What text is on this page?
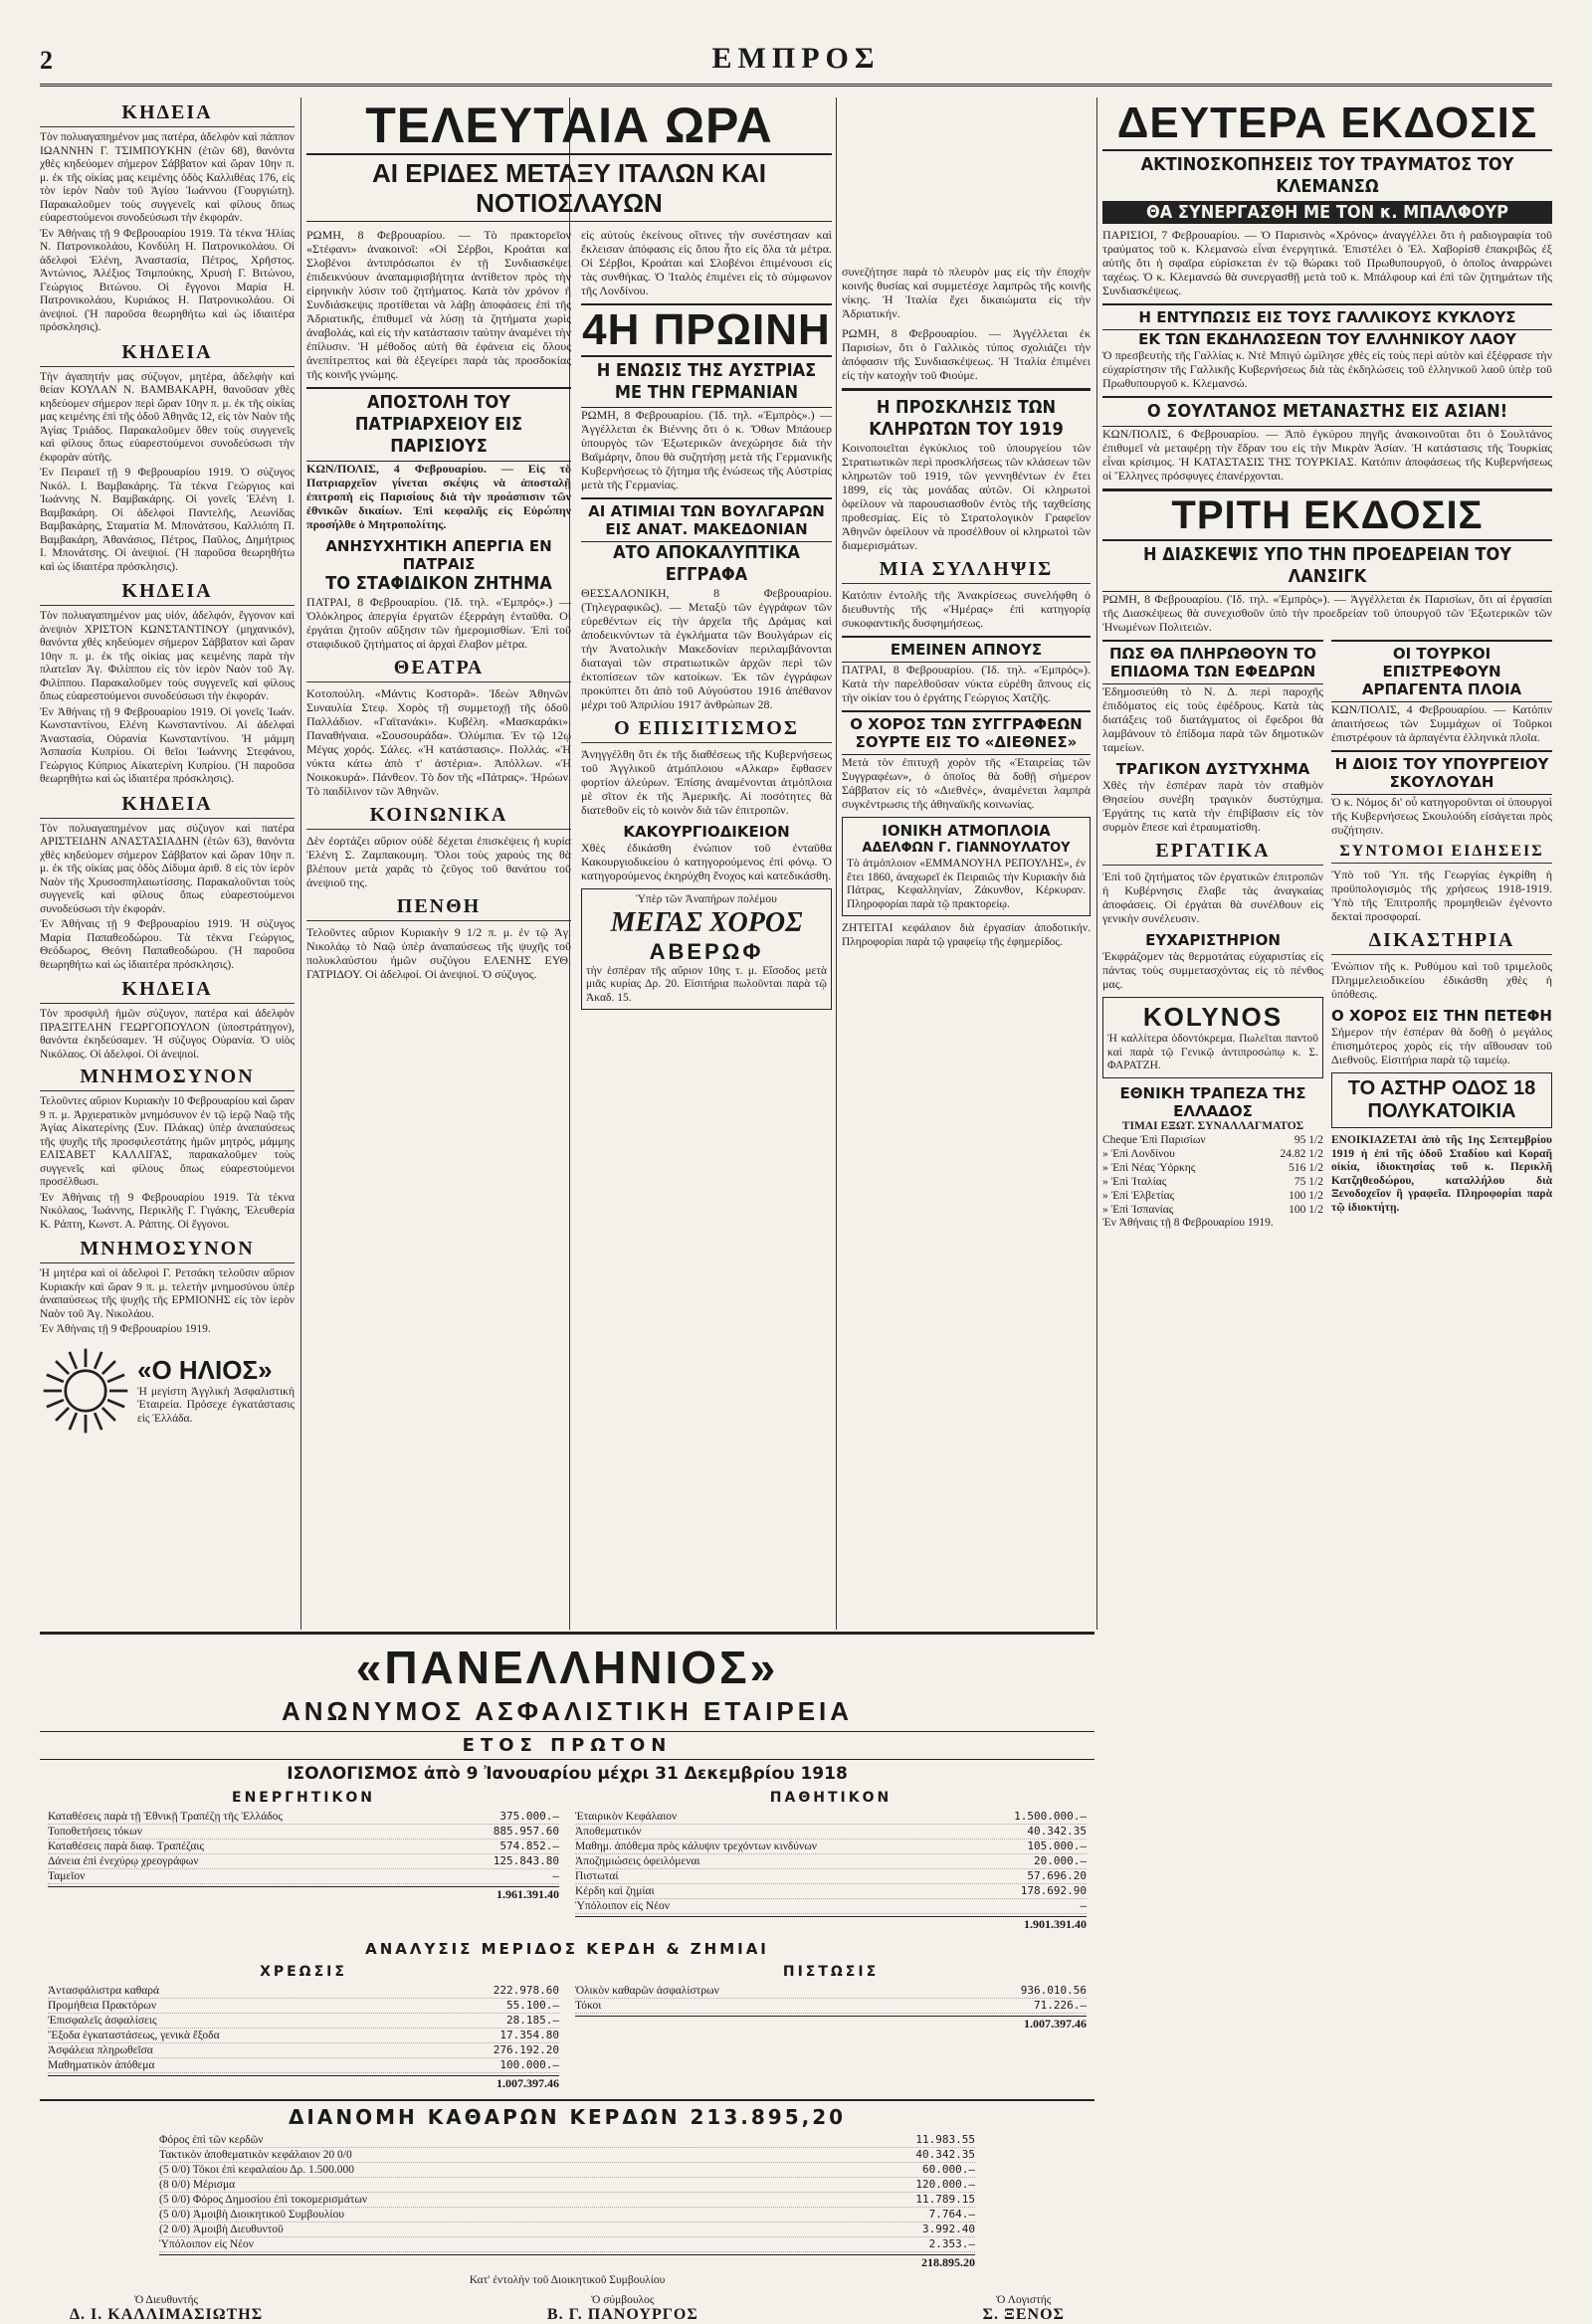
2	ΕΜΠΡΟΣ
ΚΗΔΕΙΑ

Τὸν πολυαγαπημένον μας πατέρα, ἀδελφὸν καὶ πάππον ΙΩΑΝΝΗΝ Γ. ΤΣΙΜΠΟΥΚΗΝ (ἐτῶν 68), θανόντα χθὲς κηδεύομεν σήμερον Σάββατον καὶ ὥραν 10ην π. μ. ἐκ τῆς οἰκίας μας κειμένης ὁδὸς Καλλιθέας 176, εἰς τὸν ἱερὸν Ναὸν τοῦ Ἁγίου Ἰωάννου (Γουργιώτη). Παρακαλοῦμεν τοὺς συγγενεῖς καὶ φίλους ὅπως εὐαρεστούμενοι συνοδεύσωσι τὴν ἐκφοράν.

Ἐν Ἀθήναις τῇ 9 Φεβρουαρίου 1919. Τὰ τέκνα Ἠλίας Ν. Πατρονικολάου, Κονδύλη Η. Πατρονικολάου. Οἱ ἀδελφοὶ Ἑλένη, Ἀναστασία, Πέτρος, Χρῆστος. Ἀντώνιος, Ἀλέξιος Τσιμπούκης, Χρυσὴ Γ. Βιτώνου, Γεώργιος Βιτώνου. Οἱ ἔγγονοι Μαρία Η. Πατρονικολάου, Κυριάκος Η. Πατρονικολάου. Οἱ ἀνεψιοί. (Ἡ παροῦσα θεωρηθήτω καὶ ὡς ἰδιαιτέρα πρόσκλησις).

ΚΗΔΕΙΑ

Τὴν ἀγαπητήν μας σύζυγον, μητέρα, ἀδελφὴν καὶ θείαν ΚΟΥΛΑΝ Ν. ΒΑΜΒΑΚΑΡΗ, θανοῦσαν χθὲς κηδεύομεν σήμερον περὶ ὥραν 10ην π. μ. ἐκ τῆς οἰκίας μας κειμένης ἐπὶ τῆς ὁδοῦ Ἀθηνᾶς 12, εἰς τὸν Ναὸν τῆς Ἁγίας Τριάδος. Παρακαλοῦμεν ὅθεν τοὺς συγγενεῖς καὶ φίλους ὅπως εὐαρεστούμενοι συνοδεύσωσι τὴν ἐκφορὰν αὐτῆς.

Ἐν Πειραιεῖ τῇ 9 Φεβρουαρίου 1919. Ὁ σύζυγος Νικόλ. Ι. Βαμβακάρης. Τὰ τέκνα Γεώργιος καὶ Ἰωάννης Ν. Βαμβακάρης. Οἱ γονεῖς Ἑλένη Ι. Βαμβακάρη. Οἱ ἀδελφοὶ Παντελῆς, Λεωνίδας Βαμβακάρης, Σταματία Μ. Μπονάτσου, Καλλιόπη Π. Βαμβακάρη, Ἀθανάσιος, Πέτρος, Παῦλος, Δημήτριος Ι. Μπονάτσης. Οἱ ἀνεψιοί. (Ἡ παροῦσα θεωρηθήτω καὶ ὡς ἰδιαιτέρα πρόσκλησις).

ΚΗΔΕΙΑ

Τὸν πολυαγαπημένον μας υἱόν, ἀδελφόν, ἔγγονον καὶ ἀνεψιὸν ΧΡΙΣΤΟΝ ΚΩΝΣΤΑΝΤΙΝΟΥ (μηχανικόν), θανόντα χθὲς κηδεύομεν σήμερον Σάββατον καὶ ὥραν 10ην π. μ. ἐκ τῆς οἰκίας μας κειμένης παρὰ τὴν πλατεῖαν Ἁγ. Φιλίππου εἰς τὸν ἱερὸν Ναὸν τοῦ Ἁγ. Φιλίππου. Παρακαλοῦμεν τοὺς συγγενεῖς καὶ φίλους ὅπως εὐαρεστούμενοι συνοδεύσωσι τὴν ἐκφοράν.

Ἐν Ἀθήναις τῇ 9 Φεβρουαρίου 1919. Οἱ γονεῖς Ἰωάν. Κωνσταντίνου, Ελένη Κωνσταντίνου. Αἱ ἀδελφαὶ Ἀναστασία, Οὐρανία Κωνσταντίνου. Ἡ μάμμη Ἀσπασία Κυπρίου. Οἱ θεῖοι Ἰωάννης Στεφάνου, Γεώργιος Κύπριος Αἰκατερίνη Κυπρίου. (Ἡ παροῦσα θεωρηθήτω καὶ ὡς ἰδιαιτέρα πρόσκλησις).

ΚΗΔΕΙΑ

Τὸν πολυαγαπημένον μας σύζυγον καὶ πατέρα ΑΡΙΣΤΕΙΔΗΝ ΑΝΑΣΤΑΣΙΑΔΗΝ (ἐτῶν 63), θανόντα χθὲς κηδεύομεν σήμερον Σάββατον καὶ ὥραν 10ην π. μ. ἐκ τῆς οἰκίας μας ὁδὸς Δίδυμα ἀριθ. 8 εἰς τὸν ἱερὸν Ναὸν τῆς Χρυσοσπηλαιωτίσσης. Παρακαλοῦνται τοὺς συγγενεῖς καὶ φίλους ὅπως εὐαρεστούμενοι συνοδεύσωσι τὴν ἐκφοράν.

Ἐν Ἀθήναις τῇ 9 Φεβρουαρίου 1919. Ἡ σύζυγος Μαρία Παπαθεοδώρου. Τὰ τέκνα Γεώργιος, Θεόδωρος, Θεόνη Παπαθεοδώρου. (Ἡ παροῦσα θεωρηθήτω καὶ ὡς ἰδιαιτέρα πρόσκλησις).

ΚΗΔΕΙΑ

Τὸν προσφιλῆ ἡμῶν σύζυγον, πατέρα καὶ ἀδελφὸν ΠΡΑΞΙΤΕΛΗΝ ΓΕΩΡΓΟΠΟΥΛΟΝ (ὑποστράτηγον), θανόντα ἐκηδεύσαμεν. Ἡ σύζυγος Οὐρανία. Ὁ υἱὸς Νικόλαος. Οἱ ἀδελφοί. Οἱ ἀνεψιοί.

ΜΝΗΜΟΣΥΝΟΝ

Τελοῦντες αὔριον Κυριακὴν 10 Φεβρουαρίου καὶ ὥραν 9 π. μ. Ἀρχιερατικὸν μνημόσυνον ἐν τῷ ἱερῷ Ναῷ τῆς Ἁγίας Αἰκατερίνης (Συν. Πλάκας) ὑπὲρ ἀναπαύσεως τῆς ψυχῆς τῆς προσφιλεστάτης ἡμῶν μητρός, μάμμης ΕΛΙΣΑΒΕΤ ΚΑΛΛΙΓΑΣ, παρακαλοῦμεν τοὺς συγγενεῖς καὶ φίλους ὅπως εὐαρεστούμενοι προσέλθωσι.

Ἐν Ἀθήναις τῇ 9 Φεβρουαρίου 1919. Τὰ τέκνα Νικόλαος, Ἰωάννης, Περικλῆς Γ. Γιγάκης, Ἐλευθερία Κ. Ράπτη, Κωνστ. Α. Ράπτης. Οἱ ἔγγονοι.

ΜΝΗΜΟΣΥΝΟΝ

Ἡ μητέρα καὶ οἱ ἀδελφοὶ Γ. Ρετσάκη τελοῦσιν αὔριον Κυριακὴν καὶ ὥραν 9 π. μ. τελετὴν μνημοσύνου ὑπὲρ ἀναπαύσεως τῆς ψυχῆς τῆς ΕΡΜΙΟΝΗΣ εἰς τὸν ἱερὸν Ναὸν τοῦ Ἁγ. Νικολάου.

Ἐν Ἀθήναις τῇ 9 Φεβρουαρίου 1919.

«Ο ΗΛΙΟΣ»
Ἡ μεγίστη Ἀγγλικὴ Ἀσφαλιστικὴ Ἑταιρεία. Πρόσεχε ἐγκατάστασις εἰς Ἑλλάδα.
ΤΕΛΕΥΤΑΙΑ ΩΡΑ
ΑΙ ΕΡΙΔΕΣ ΜΕΤΑΞΥ ΙΤΑΛΩΝ ΚΑΙ ΝΟΤΙΟΣΛΑΥΩΝ

ΡΩΜΗ, 8 Φεβρουαρίου. — Τὸ πρακτορεῖον «Στέφανι» ἀνακοινοῖ: «Οἱ Σέρβοι, Κροάται καὶ Σλοβένοι ἀντιπρόσωποι ἐν τῇ Συνδιασκέψει ἐπιδεικνύουν ἀναπαμφισβήτητα ἀντίθετον πρὸς τὴν εἰρηνικὴν λύσιν τοῦ ζητήματος. Κατὰ τὸν χρόνον ἡ Συνδιάσκεψις προτίθεται νὰ λάβῃ ἀποφάσεις ἐπὶ τῆς Ἀδριατικῆς, ἐπιθυμεῖ νὰ λύσῃ τὰ ζητήματα χωρὶς ἀναβολάς, καὶ εἰς τὴν κατάστασιν ταύτην ἀναμένει τὴν ἐπίλυσιν. Ἡ μέθοδος αὐτὴ θὰ ἐφάνεια εἰς ὅλους ἀνεπίτρεπτος καὶ θὰ ἐξεγείρει παρὰ τὰς προσδοκίας τῆς κοινῆς γνώμης.

ΑΠΟΣΤΟΛΗ ΤΟΥ ΠΑΤΡΙΑΡΧΕΙΟΥ ΕΙΣ ΠΑΡΙΣΙΟΥΣ

ΚΩΝ/ΠΟΛΙΣ, 4 Φεβρουαρίου. — Εἰς τὸ Πατριαρχεῖον γίνεται σκέψις νὰ ἀποσταλῇ ἐπιτροπὴ εἰς Παρισίους διὰ τὴν προάσπισιν τῶν ἐθνικῶν δικαίων. Ἐπὶ κεφαλῆς εἰς Εὐρώπην προσήλθε ὁ Μητροπολίτης.

ΑΝΗΣΥΧΗΤΙΚΗ ΑΠΕΡΓΙΑ ΕΝ ΠΑΤΡΑΙΣ
ΤΟ ΣΤΑΦΙΔΙΚΟΝ ΖΗΤΗΜΑ

ΠΑΤΡΑΙ, 8 Φεβρουαρίου. (Ἰδ. τηλ. «Ἐμπρός».) — Ὁλόκληρος ἀπεργία ἐργατῶν ἐξερράγη ἐνταῦθα. Οἱ ἐργάται ζητοῦν αὔξησιν τῶν ἡμερομισθίων. Ἐπὶ τοῦ σταφιδικοῦ ζητήματος αἱ ἀρχαὶ ἔλαβον μέτρα.

ΘΕΑΤΡΑ

Κοτοπούλη. «Μάντις Κοστορᾶ». Ἰδεὼν Ἀθηνῶν. Συναυλία Στεφ. Χορὸς τῇ συμμετοχῇ τῆς ὁδοῦ. Παλλάδιον. «Γαϊτανάκι». Κυβέλη. «Μασκαράκι». Παναθήναια. «Σουσουράδα». Ὀλύμπια. Ἐν τῷ 12ῳ Μέγας χορός. Σάλες. «Ἡ κατάστασις». Πολλάς. «Ἡ νύκτα κάτω ἀπὸ τ' ἀστέρια». Ἀπόλλων. «Ἡ Νοικοκυρά». Πάνθεον. Τὸ δον τῆς «Πάτρας». Ἡρώων. Τὸ παιδίλινον τῶν Ἀθηνῶν.

ΚΟΙΝΩΝΙΚΑ

Δὲν ἐορτάζει αὔριον οὐδὲ δέχεται ἐπισκέψεις ἡ κυρία Ἑλένη Σ. Ζαμπακουμη. Ὅλοι τοὺς χαρούς της θὰ βλέπουν μετὰ χαρᾶς τὸ ζεῦγος τοῦ θανάτου τοῦ ἀνεψιοῦ της.

ΠΕΝΘΗ

Τελοῦντες αὔριον Κυριακὴν 9 1/2 π. μ. ἐν τῷ Ἁγ. Νικολάῳ τὸ Ναῷ ὑπὲρ ἀναπαύσεως τῆς ψυχῆς τοῦ πολυκλαύστου ἡμῶν συζύγου ΕΛΕΝΗΣ ΕΥΘ. ΓΑΤΡΙΔΟΥ. Οἱ ἀδελφοί. Οἱ ἀνεψιοί. Ὁ σύζυγος.

εἰς αὐτοὺς ἐκείνους οἵτινες τὴν συνέστησαν καὶ ἔκλεισαν ἀπόφασις εἰς ὅπου ἦτο εἰς ὅλα τὰ μέτρα. Οἱ Σέρβοι, Κροάται καὶ Σλοβένοι ἐπιμένουσι εἰς τὰς συνθήκας. Ὁ Ἰταλὸς ἐπιμένει εἰς τὸ σύμφωνον τῆς Λονδίνου.

4Η ΠΡΩΙΝΗ
Η ΕΝΩΣΙΣ ΤΗΣ ΑΥΣΤΡΙΑΣ ΜΕ ΤΗΝ ΓΕΡΜΑΝΙΑΝ

ΡΩΜΗ, 8 Φεβρουαρίου. (Ἰδ. τηλ. «Ἐμπρὸς».) — Ἀγγέλλεται ἐκ Βιέννης ὅτι ὁ κ. Ὄθων Μπάουερ ὑπουργὸς τῶν Ἐξωτερικῶν ἀνεχώρησε διὰ τὴν Βαϊμάρην, ὅπου θὰ συζητήσῃ μετὰ τῆς Γερμανικῆς Κυβερνήσεως τὸ ζήτημα τῆς ἑνώσεως τῆς Αὐστρίας μετὰ τῆς Γερμανίας.

ΑΙ ΑΤΙΜΙΑΙ ΤΩΝ ΒΟΥΛΓΑΡΩΝ ΕΙΣ ΑΝΑΤ. ΜΑΚΕΔΟΝΙΑΝ
ΑΤΟ ΑΠΟΚΑΛΥΠΤΙΚΑ ΕΓΓΡΑΦΑ

ΘΕΣΣΑΛΟΝΙΚΗ, 8 Φεβρουαρίου. (Τηλεγραφικῶς). — Μεταξὺ τῶν ἐγγράφων τῶν εὑρεθέντων εἰς τὴν ἀρχεῖα τῆς Δράμας καὶ ἀποδεικνύντων τὰ ἐγκλήματα τῶν Βουλγάρων εἰς τὴν Ἀνατολικὴν Μακεδονίαν περιλαμβάνονται διαταγαὶ τῶν στρατιωτικῶν ἀρχῶν περὶ τῶν ἐκτοπίσεων τῶν κατοίκων. Ἐκ τῶν ἐγγράφων προκύπτει ὅτι ἀπὸ τοῦ Αὐγούστου 1916 ἀπέθανον μέχρι τοῦ Ἀπριλίου 1917 ἀνθρώπων 28.

Ο ΕΠΙΣΙΤΙΣΜΟΣ

Ἀνηγγέλθη ὅτι ἐκ τῆς διαθέσεως τῆς Κυβερνήσεως τοῦ Ἀγγλικοῦ ἀτμόπλοιου «Αλκαρ» ἔφθασεν φορτίον ἀλεύρων. Ἐπίσης ἀναμένονται ἀτμόπλοια μὲ σῖτον ἐκ τῆς Ἀμερικῆς. Αἱ ποσότητες θὰ διατεθοῦν εἰς τὸ κοινὸν διὰ τῶν ἐπιτροπῶν.

ΚΑΚΟΥΡΓΙΟΔΙΚΕΙΟΝ

Χθὲς ἐδικάσθη ἐνώπιον τοῦ ἐνταῦθα Κακουργιοδικείου ὁ κατηγορούμενος ἐπὶ φόνῳ. Ὁ κατηγορούμενος ἐκηρύχθη ἔνοχος καὶ κατεδικάσθη.

Ὑπὲρ τῶν Ἀναπήρων πολέμου
ΜΕΓΑΣ ΧΟΡΟΣ
ΑΒΕΡΩΦ
τὴν ἑσπέραν τῆς αὔριον 10ης τ. μ. Εἴσοδος μετὰ μιᾶς κυρίας Δρ. 20. Εἰσιτήρια πωλοῦνται παρὰ τῷ Ἀκαδ. 15.

συνεζήτησε παρὰ τὸ πλευρὸν μας εἰς τὴν ἐποχὴν κοινῆς θυσίας καὶ συμμετέσχε λαμπρῶς τῆς κοινῆς νίκης. Ἡ Ἰταλία ἔχει δικαιώματα εἰς τὴν Ἀδριατικήν.

ΡΩΜΗ, 8 Φεβρουαρίου. — Ἀγγέλλεται ἐκ Παρισίων, ὅτι ὁ Γαλλικὸς τύπος σχολιάζει τὴν ἀπόφασιν τῆς Συνδιασκέψεως. Ἡ Ἰταλία ἐπιμένει εἰς τὴν κατοχὴν τοῦ Φιούμε.

Η ΠΡΟΣΚΛΗΣΙΣ ΤΩΝ ΚΛΗΡΩΤΩΝ ΤΟΥ 1919

Κοινοποιεῖται ἐγκύκλιος τοῦ ὑπουργείου τῶν Στρατιωτικῶν περὶ προσκλήσεως τῶν κλάσεων τῶν κληρωτῶν τοῦ 1919, τῶν γεννηθέντων ἐν ἔτει 1899, εἰς τὰς μονάδας αὐτῶν. Οἱ κληρωτοὶ ὀφείλουν νὰ παρουσιασθοῦν ἐντὸς τῆς ταχθείσης προθεσμίας. Εἰς τὸ Στρατολογικὸν Γραφεῖον Ἀθηνῶν ὀφείλουν νὰ προσέλθουν οἱ κληρωτοὶ τῶν διαμερισμάτων.

ΜΙΑ ΣΥΛΛΗΨΙΣ

Κατόπιν ἐντολῆς τῆς Ἀνακρίσεως συνελήφθη ὁ διευθυντὴς τῆς «Ἡμέρας» ἐπὶ κατηγορίᾳ συκοφαντικῆς δυσφημήσεως.

ΕΜΕΙΝΕΝ ΑΠΝΟΥΣ

ΠΑΤΡΑΙ, 8 Φεβρουαρίου. (Ἰδ. τηλ. «Ἐμπρός»). Κατὰ τὴν παρελθοῦσαν νύκτα εὑρέθη ἄπνους εἰς τὴν οἰκίαν του ὁ ἐργάτης Γεώργιος Χατζῆς.

Ο ΧΟΡΟΣ ΤΩΝ ΣΥΓΓΡΑΦΕΩΝ ΣΟΥΡΤΕ ΕΙΣ ΤΟ «ΔΙΕΘΝΕΣ»

Μετὰ τὸν ἐπιτυχῆ χορὸν τῆς «Ἑταιρείας τῶν Συγγραφέων», ὁ ὁποῖος θὰ δοθῇ σήμερον Σάββατον εἰς τὸ «Διεθνὲς», ἀναμένεται λαμπρὰ συγκέντρωσις τῆς ἀθηναϊκῆς κοινωνίας.

ΙΟΝΙΚΗ ΑΤΜΟΠΛΟΙΑ
ΑΔΕΛΦΩΝ Γ. ΓΙΑΝΝΟΥΛΑΤΟΥ

Τὸ ἀτμόπλοιον «ΕΜΜΑΝΟΥΗΛ ΡΕΠΟΥΛΗΣ», ἐν ἔτει 1860, ἀναχωρεῖ ἐκ Πειραιῶς τὴν Κυριακὴν διὰ Πάτρας, Κεφαλληνίαν, Ζάκυνθον, Κέρκυραν. Πληροφορίαι παρὰ τῷ πρακτορείῳ.

ΖΗΤΕΙΤΑΙ κεφάλαιον διὰ ἐργασίαν ἀποδοτικήν. Πληροφορίαι παρὰ τῷ γραφείῳ τῆς ἐφημερίδος.

ΔΕΥΤΕΡΑ ΕΚΔΟΣΙΣ
ΑΚΤΙΝΟΣΚΟΠΗΣΕΙΣ ΤΟΥ ΤΡΑΥΜΑΤΟΣ ΤΟΥ ΚΛΕΜΑΝΣΩ
ΘΑ ΣΥΝΕΡΓΑΣΘΗ ΜΕ ΤΟΝ κ. ΜΠΑΛΦΟΥΡ

ΠΑΡΙΣΙΟΙ, 7 Φεβρουαρίου. — Ὁ Παρισινὸς «Χρόνος» ἀναγγέλλει ὅτι ἡ ραδιογραφία τοῦ τραύματος τοῦ κ. Κλεμανσὼ εἶναι ἐνεργητικά. Ἐπιστέλει ὁ Ἐλ. Χαβορίσθ ἐπακριβῶς ἐξ αὐτῆς ὅτι ἡ σφαῖρα εὑρίσκεται ἐν τῷ θώρακι τοῦ Πρωθυπουργοῦ, ὁ ὁποῖος ἀναρρώνει ταχέως. Ὁ κ. Κλεμανσὼ θὰ συνεργασθῇ μετὰ τοῦ κ. Μπάλφουρ καὶ ἐπὶ τῶν ζητημάτων τῆς Συνδιασκέψεως.

Η ΕΝΤΥΠΩΣΙΣ ΕΙΣ ΤΟΥΣ ΓΑΛΛΙΚΟΥΣ ΚΥΚΛΟΥΣ
ΕΚ ΤΩΝ ΕΚΔΗΛΩΣΕΩΝ ΤΟΥ ΕΛΛΗΝΙΚΟΥ ΛΑΟΥ

Ὁ πρεσβευτὴς τῆς Γαλλίας κ. Ντὲ Μπιγύ ὡμίλησε χθὲς εἰς τοὺς περὶ αὐτὸν καὶ ἐξέφρασε τὴν εὐχαρίστησιν τῆς Γαλλικῆς Κυβερνήσεως διὰ τὰς ἐκδηλώσεις τοῦ ἑλληνικοῦ λαοῦ ὑπὲρ τοῦ Πρωθυπουργοῦ κ. Κλεμανσώ.

Ο ΣΟΥΛΤΑΝΟΣ ΜΕΤΑΝΑΣΤΗΣ ΕΙΣ ΑΣΙΑΝ!

ΚΩΝ/ΠΟΛΙΣ, 6 Φεβρουαρίου. — Ἀπὸ ἐγκύρου πηγῆς ἀνακοινοῦται ὅτι ὁ Σουλτάνος ἐπιθυμεῖ νὰ μεταφέρῃ τὴν ἕδραν του εἰς τὴν Μικρὰν Ἀσίαν. Ἡ κατάστασις τῆς Τουρκίας εἶναι κρίσιμος. Ἡ ΚΑΤΑΣΤΑΣΙΣ ΤΗΣ ΤΟΥΡΚΙΑΣ. Κατόπιν ἀποφάσεως τῆς Κυβερνήσεως οἱ Ἕλληνες πρόσφυγες ἐπανέρχονται.

ΤΡΙΤΗ ΕΚΔΟΣΙΣ
Η ΔΙΑΣΚΕΨΙΣ ΥΠΟ ΤΗΝ ΠΡΟΕΔΡΕΙΑΝ ΤΟΥ ΛΑΝΣΙΓΚ

ΡΩΜΗ, 8 Φεβρουαρίου. (Ἰδ. τηλ. «Ἐμπρὸς»). — Ἀγγέλλεται ἐκ Παρισίων, ὅτι αἱ ἐργασίαι τῆς Διασκέψεως θὰ συνεχισθοῦν ὑπὸ τὴν προεδρείαν τοῦ ὑπουργοῦ τῶν Ἐξωτερικῶν τῶν Ἡνωμένων Πολιτειῶν.

ΠΩΣ ΘΑ ΠΛΗΡΩΘΟΥΝ ΤΟ ΕΠΙΔΟΜΑ ΤΩΝ ΕΦΕΔΡΩΝ

Ἐδημοσιεύθη τὸ Ν. Δ. περὶ παροχῆς ἐπιδόματος εἰς τοὺς ἐφέδρους. Κατὰ τὰς διατάξεις τοῦ διατάγματος οἱ ἔφεδροι θὰ λαμβάνουν τὸ ἐπίδομα παρὰ τῶν δημοτικῶν ταμείων.

ΤΡΑΓΙΚΟΝ ΔΥΣΤΥΧΗΜΑ

Χθὲς τὴν ἑσπέραν παρὰ τὸν σταθμὸν Θησείου συνέβη τραγικὸν δυστύχημα. Ἐργάτης τις κατὰ τὴν ἐπιβίβασιν εἰς τὸν συρμὸν ἔπεσε καὶ ἐτραυματίσθη.

ΕΡΓΑΤΙΚΑ

Ἐπὶ τοῦ ζητήματος τῶν ἐργατικῶν ἐπιτροπῶν ἡ Κυβέρνησις ἔλαβε τὰς ἀναγκαίας ἀποφάσεις. Οἱ ἐργάται θὰ συνέλθουν εἰς γενικὴν συνέλευσιν.

ΕΥΧΑΡΙΣΤΗΡΙΟΝ

Ἐκφράζομεν τὰς θερμοτάτας εὐχαριστίας εἰς πάντας τοὺς συμμετασχόντας εἰς τὸ πένθος μας.

KOLYNOS

Ἡ καλλίτερα ὀδοντόκρεμα. Πωλεῖται παντοῦ καὶ παρὰ τῷ Γενικῷ ἀντιπροσώπῳ κ. Σ. ΦΑΡΑΤΖΗ.

ΕΘΝΙΚΗ ΤΡΑΠΕΖΑ ΤΗΣ ΕΛΛΑΔΟΣ
ΤΙΜΑΙ ΕΞΩΤ. ΣΥΝΑΛΛΑΓΜΑΤΟΣ
Cheque Ἐπὶ Παρισίων	95 1/2
» Ἐπὶ Λονδίνου	24.82 1/2
» Ἐπὶ Νέας Ὑόρκης	516 1/2
» Ἐπὶ Ἰταλίας	75 1/2
» Ἐπὶ Ἐλβετίας	100 1/2
» Ἐπὶ Ἰσπανίας	100 1/2
Ἐν Ἀθήναις τῇ 8 Φεβρουαρίου 1919.
ΟΙ ΤΟΥΡΚΟΙ ΕΠΙΣΤΡΕΦΟΥΝ ΑΡΠΑΓΕΝΤΑ ΠΛΟΙΑ

ΚΩΝ/ΠΟΛΙΣ, 4 Φεβρουαρίου. — Κατόπιν ἀπαιτήσεως τῶν Συμμάχων οἱ Τοῦρκοι ἐπιστρέφουν τὰ ἀρπαγέντα ἑλληνικὰ πλοῖα.

Η ΔΙΟΙΣ ΤΟΥ ΥΠΟΥΡΓΕΙΟΥ ΣΚΟΥΛΟΥΔΗ

Ὁ κ. Νόμος δι' οὗ κατηγοροῦνται οἱ ὑπουργοὶ τῆς Κυβερνήσεως Σκουλούδη εἰσάγεται πρὸς συζήτησιν.

ΣΥΝΤΟΜΟΙ ΕΙΔΗΣΕΙΣ

Ὑπὸ τοῦ Ὑπ. τῆς Γεωργίας ἐγκρίθη ἡ προϋπολογισμὸς τῆς χρήσεως 1918-1919. Ὑπὸ τῆς Ἐπιτροπῆς προμηθειῶν ἐγένοντο δεκταὶ προσφοραί.

ΔΙΚΑΣΤΗΡΙΑ

Ἐνώπιον τῆς κ. Ρυθύμου καὶ τοῦ τριμελοῦς Πλημμελειοδικείου ἐδικάσθη χθὲς ἡ ὑπόθεσις.

Ο ΧΟΡΟΣ ΕΙΣ ΤΗΝ ΠΕΤΕΦΗ

Σήμερον τὴν ἑσπέραν θὰ δοθῇ ὁ μεγάλος ἐπισημότερος χορὸς εἰς τὴν αἴθουσαν τοῦ Διεθνοῦς. Εἰσιτήρια παρὰ τῷ ταμείῳ.

ΤΟ ΑΣΤΗΡ ΟΔΟΣ 18 ΠΟΛΥΚΑΤΟΙΚΙΑ

ΕΝΟΙΚΙΑΖΕΤΑΙ ἀπὸ τῆς 1ης Σεπτεμβρίου 1919 ἡ ἐπὶ τῆς ὁδοῦ Σταδίου καὶ Κοραῆ οἰκία, ἰδιοκτησίας τοῦ κ. Περικλῆ Κατζηθεοδώρου, καταλλήλου διὰ Ξενοδοχεῖον ἢ γραφεῖα. Πληροφορίαι παρὰ τῷ ἰδιοκτήτῃ.

«ΠΑΝΕΛΛΗΝΙΟΣ»
ΑΝΩΝΥΜΟΣ ΑΣΦΑΛΙΣΤΙΚΗ ΕΤΑΙΡΕΙΑ
ΕΤΟΣ ΠΡΩΤΟΝ
ΙΣΟΛΟΓΙΣΜΟΣ ἀπὸ 9 Ἰανουαρίου μέχρι 31 Δεκεμβρίου 1918
ΕΝΕΡΓΗΤΙΚΟΝ
Καταθέσεις παρὰ τῇ Ἐθνικῇ Τραπέζῃ τῆς Ἑλλάδος	375.000.—
Τοποθετήσεις τόκων	885.957.60
Καταθέσεις παρὰ διαφ. Τραπέζαις	574.852.—
Δάνεια ἐπὶ ἐνεχύρῳ χρεογράφων	125.843.80
Ταμεῖον	—
1.961.391.40
ΠΑΘΗΤΙΚΟΝ
Ἑταιρικὸν Κεφάλαιον	1.500.000.—
Ἀποθεματικόν	40.342.35
Μαθημ. ἀπόθεμα πρὸς κάλυψιν τρεχόντων κινδύνων	105.000.—
Ἀποζημιώσεις ὀφειλόμεναι	20.000.—
Πιστωταί	57.696.20
Κέρδη καὶ ζημίαι	178.692.90
Ὑπόλοιπον εἰς Νέον	—
1.901.391.40
ΑΝΑΛΥΣΙΣ ΜΕΡΙΔΟΣ ΚΕΡΔΗ & ΖΗΜΙΑΙ
ΧΡΕΩΣΙΣ
Ἀντασφάλιστρα καθαρά	222.978.60
Προμήθεια Πρακτόρων	55.100.—
Ἐπισφαλεῖς ἀσφαλίσεις	28.185.—
Ἔξοδα ἐγκαταστάσεως, γενικὰ ἔξοδα	17.354.80
Ἀσφάλεια πληρωθεῖσα	276.192.20
Μαθηματικὸν ἀπόθεμα	100.000.—
1.007.397.46
ΠΙΣΤΩΣΙΣ
Ὁλικὸν καθαρῶν ἀσφαλίστρων	936.010.56
Τόκοι	71.226.—
1.007.397.46
ΔΙΑΝΟΜΗ ΚΑΘΑΡΩΝ ΚΕΡΔΩΝ 213.895,20
Φόρος ἐπὶ τῶν κερδῶν	11.983.55
Τακτικὸν ἀποθεματικὸν κεφάλαιον 20 0/0	40.342.35
(5 0/0) Τόκοι ἐπὶ κεφαλαίου Δρ. 1.500.000	60.000.—
(8 0/0) Μέρισμα	120.000.—
(5 0/0) Φόρος Δημοσίου ἐπὶ τοκομερισμάτων	11.789.15
(5 0/0) Ἀμοιβὴ Διοικητικοῦ Συμβουλίου	7.764.—
(2 0/0) Ἀμοιβὴ Διευθυντοῦ	3.992.40
Ὑπόλοιπον εἰς Νέον	2.353.—
218.895.20
Κατ' ἐντολὴν τοῦ Διοικητικοῦ Συμβουλίου
Ὁ Διευθυντής
Δ. Ι. ΚΑΛΛΙΜΑΣΙΩΤΗΣ
Ὁ σύμβουλος
Β. Γ. ΠΑΝΟΥΡΓΟΣ
Ὁ Λογιστής
Σ. ΞΕΝΟΣ
